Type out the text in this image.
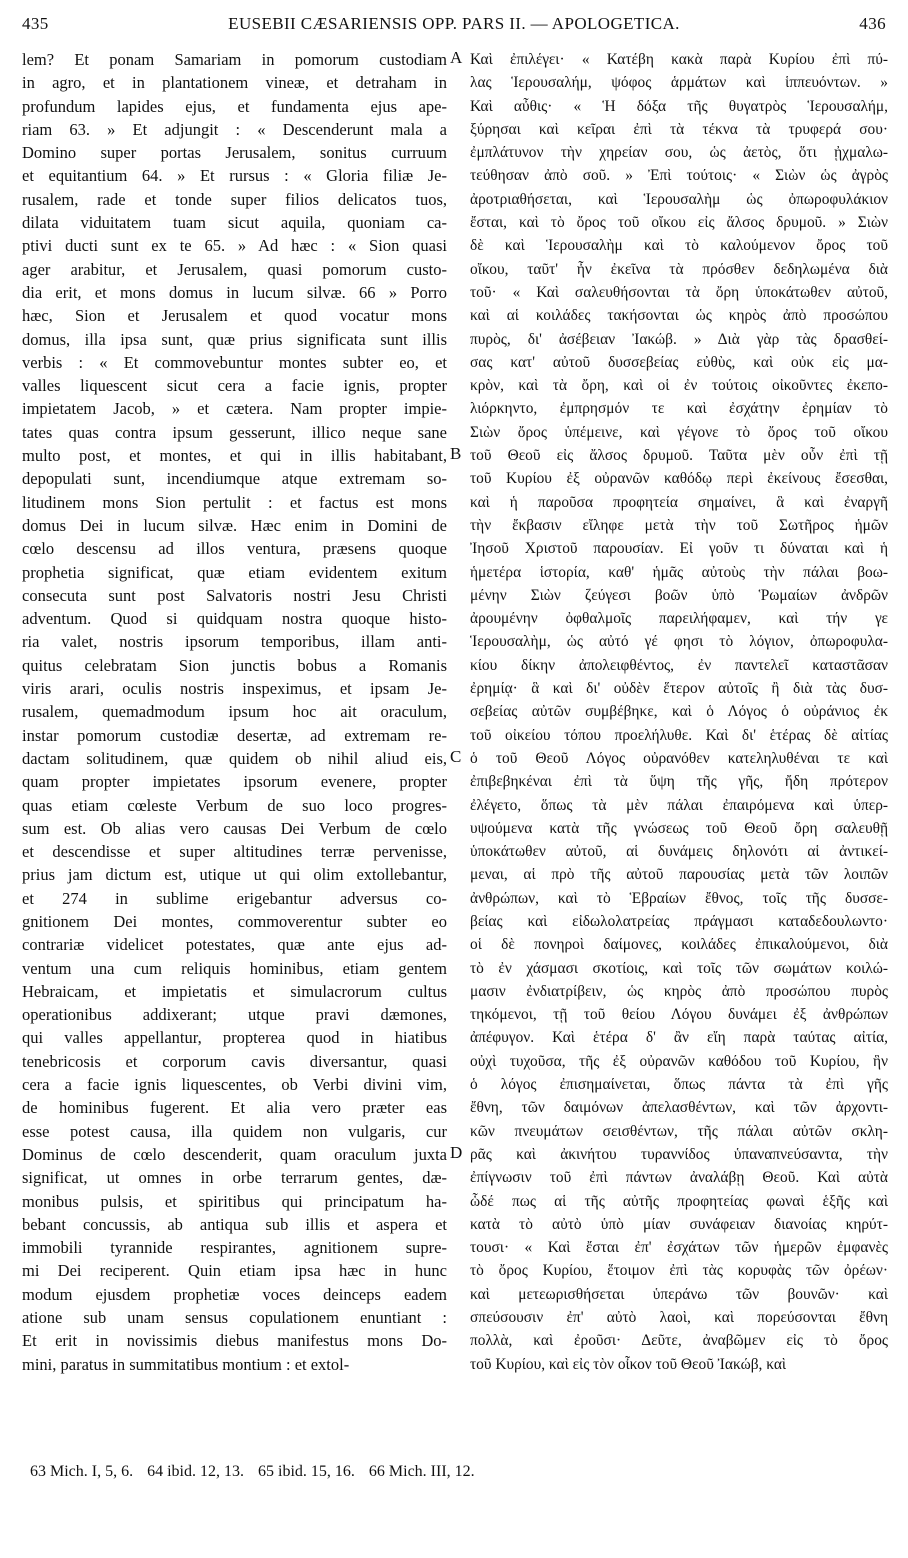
435	EUSEBII CÆSARIENSIS OPP. PARS II. — APOLOGETICA.	436
lem? Et ponam Samariam in pomorum custodiam
in agro, et in plantationem vineæ, et detraham in
profundum lapides ejus, et fundamenta ejus ape-
riam 63. » Et adjungit : « Descenderunt mala a
Domino super portas Jerusalem, sonitus curruum
et equitantium 64. » Et rursus : « Gloria filiæ Je-
rusalem, rade et tonde super filios delicatos tuos,
dilata viduitatem tuam sicut aquila, quoniam ca-
ptivi ducti sunt ex te 65. » Ad hæc : « Sion quasi
ager arabitur, et Jerusalem, quasi pomorum custo-
dia erit, et mons domus in lucum silvæ. 66 » Porro
hæc, Sion et Jerusalem et quod vocatur mons
domus, illa ipsa sunt, quæ prius significata sunt illis
verbis : « Et commovebuntur montes subter eo, et
valles liquescent sicut cera a facie ignis, propter
impietatem Jacob, » et cætera. Nam propter impie-
tates quas contra ipsum gesserunt, illico neque sane
multo post, et montes, et qui in illis habitabant,
depopulati sunt, incendiumque atque extremam so-
litudinem mons Sion pertulit : et factus est mons
domus Dei in lucum silvæ. Hæc enim in Domini de
cœlo descensu ad illos ventura, præsens quoque
prophetia significat, quæ etiam evidentem exitum
consecuta sunt post Salvatoris nostri Jesu Christi
adventum. Quod si quidquam nostra quoque histo-
ria valet, nostris ipsorum temporibus, illam anti-
quitus celebratam Sion junctis bobus a Romanis
viris arari, oculis nostris inspeximus, et ipsam Je-
rusalem, quemadmodum ipsum hoc ait oraculum,
instar pomorum custodiæ desertæ, ad extremam re-
dactam solitudinem, quæ quidem ob nihil aliud eis,
quam propter impietates ipsorum evenere, propter
quas etiam cœleste Verbum de suo loco progres-
sum est. Ob alias vero causas Dei Verbum de cœlo
et descendisse et super altitudines terræ pervenisse,
prius jam dictum est, utique ut qui olim extollebantur,
et 274 in sublime erigebantur adversus co-
gnitionem Dei montes, commoverentur subter eo
contrariæ videlicet potestates, quæ ante ejus ad-
ventum una cum reliquis hominibus, etiam gentem
Hebraicam, et impietatis et simulacrorum cultus
operationibus addixerant; utque pravi dæmones,
qui valles appellantur, propterea quod in hiatibus
tenebricosis et corporum cavis diversantur, quasi
cera a facie ignis liquescentes, ob Verbi divini vim,
de hominibus fugerent. Et alia vero præter eas
esse potest causa, illa quidem non vulgaris, cur
Dominus de cœlo descenderit, quam oraculum juxta
significat, ut omnes in orbe terrarum gentes, dæ-
monibus pulsis, et spiritibus qui principatum ha-
bebant concussis, ab antiqua sub illis et aspera et
immobili tyrannide respirantes, agnitionem supre-
mi Dei reciperent. Quin etiam ipsa hæc in hunc
modum ejusdem prophetiæ voces deinceps eadem
atione sub unam sensus copulationem enuntiant :
Et erit in novissimis diebus manifestus mons Do-
mini, paratus in summitatibus montium : et extol-
A
B
C
D
Καὶ ἐπιλέγει· « Κατέβη κακὰ παρὰ Κυρίου ἐπὶ πύ-
λας Ἱερουσαλήμ, ψόφος ἁρμάτων καὶ ἱππευόντων. »
Καὶ αὖθις· « Ἡ δόξα τῆς θυγατρὸς Ἱερουσαλήμ,
ξύρησαι καὶ κεῖραι ἐπὶ τὰ τέκνα τὰ τρυφερά σου·
ἐμπλάτυνον τὴν χηρείαν σου, ὡς ἀετὸς, ὅτι ᾐχμαλω-
τεύθησαν ἀπὸ σοῦ. » Ἐπὶ τούτοις· « Σιὼν ὡς ἀγρὸς
ἀροτριαθήσεται, καὶ Ἱερουσαλὴμ ὡς ὀπωροφυλάκιον
ἔσται, καὶ τὸ ὄρος τοῦ οἴκου εἰς ἄλσος δρυμοῦ. » Σιὼν
δὲ καὶ Ἱερουσαλὴμ καὶ τὸ καλούμενον ὄρος τοῦ
οἴκου, ταῦτ' ἦν ἐκεῖνα τὰ πρόσθεν δεδηλωμένα διὰ
τοῦ· « Καὶ σαλευθήσονται τὰ ὄρη ὑποκάτωθεν αὐτοῦ,
καὶ αἱ κοιλάδες τακήσονται ὡς κηρὸς ἀπὸ προσώπου
πυρὸς, δι' ἀσέβειαν Ἰακώβ. » Διὰ γὰρ τὰς δρασθεί-
σας κατ' αὐτοῦ δυσσεβείας εὐθὺς, καὶ οὐκ εἰς μα-
κρὸν, καὶ τὰ ὄρη, καὶ οἱ ἐν τούτοις οἰκοῦντες ἐκεπο-
λιόρκηντο, ἐμπρησμόν τε καὶ ἐσχάτην ἐρημίαν τὸ
Σιὼν ὄρος ὑπέμεινε, καὶ γέγονε τὸ ὄρος τοῦ οἴκου
τοῦ Θεοῦ εἰς ἄλσος δρυμοῦ. Ταῦτα μὲν οὖν ἐπὶ τῇ
τοῦ Κυρίου ἐξ οὐρανῶν καθόδῳ περὶ ἐκείνους ἔσεσθαι,
καὶ ἡ παροῦσα προφητεία σημαίνει, ἃ καὶ ἐναργῆ
τὴν ἔκβασιν εἴληφε μετὰ τὴν τοῦ Σωτῆρος ἡμῶν
Ἰησοῦ Χριστοῦ παρουσίαν. Εἰ γοῦν τι δύναται καὶ ἡ
ἡμετέρα ἱστορία, καθ' ἡμᾶς αὐτοὺς τὴν πάλαι βοω-
μένην Σιὼν ζεύγεσι βοῶν ὑπὸ Ῥωμαίων ἀνδρῶν
ἀρουμένην ὀφθαλμοῖς παρειλήφαμεν, καὶ τήν γε
Ἱερουσαλὴμ, ὡς αὐτό γέ φησι τὸ λόγιον, ὀπωροφυλα-
κίου δίκην ἀπολειφθέντος, ἐν παντελεῖ καταστᾶσαν
ἐρημίᾳ· ἃ καὶ δι' οὐδὲν ἕτερον αὐτοῖς ἢ διὰ τὰς δυσ-
σεβείας αὐτῶν συμβέβηκε, καὶ ὁ Λόγος ὁ οὐράνιος ἐκ
τοῦ οἰκείου τόπου προελήλυθε. Καὶ δι' ἑτέρας δὲ αἰτίας
ὁ τοῦ Θεοῦ Λόγος οὐρανόθεν κατεληλυθέναι τε καὶ
ἐπιβεβηκέναι ἐπὶ τὰ ὕψη τῆς γῆς, ἤδη πρότερον
ἐλέγετο, ὅπως τὰ μὲν πάλαι ἐπαιρόμενα καὶ ὑπερ-
υψούμενα κατὰ τῆς γνώσεως τοῦ Θεοῦ ὄρη σαλευθῇ
ὑποκάτωθεν αὐτοῦ, αἱ δυνάμεις δηλονότι αἱ ἀντικεί-
μεναι, αἱ πρὸ τῆς αὐτοῦ παρουσίας μετὰ τῶν λοιπῶν
ἀνθρώπων, καὶ τὸ Ἑβραίων ἔθνος, τοῖς τῆς δυσσε-
βείας καὶ εἰδωλολατρείας πράγμασι καταδεδουλωντο·
οἱ δὲ πονηροὶ δαίμονες, κοιλάδες ἐπικαλούμενοι, διὰ
τὸ ἐν χάσμασι σκοτίοις, καὶ τοῖς τῶν σωμάτων κοιλώ-
μασιν ἐνδιατρίβειν, ὡς κηρὸς ἀπὸ προσώπου πυρὸς
τηκόμενοι, τῇ τοῦ θείου Λόγου δυνάμει ἐξ ἀνθρώπων
ἀπέφυγον. Καὶ ἑτέρα δ' ἂν εἴη παρὰ ταύτας αἰτία,
οὐχὶ τυχοῦσα, τῆς ἐξ οὐρανῶν καθόδου τοῦ Κυρίου, ἣν
ὁ λόγος ἐπισημαίνεται, ὅπως πάντα τὰ ἐπὶ γῆς
ἔθνη, τῶν δαιμόνων ἀπελασθέντων, καὶ τῶν ἀρχοντι-
κῶν πνευμάτων σεισθέντων, τῆς πάλαι αὐτῶν σκλη-
ρᾶς καὶ ἀκινήτου τυραννίδος ὑπαναπνεύσαντα, τὴν
ἐπίγνωσιν τοῦ ἐπὶ πάντων ἀναλάβῃ Θεοῦ. Καὶ αὐτὰ
ὧδέ πως αἱ τῆς αὐτῆς προφητείας φωναὶ ἑξῆς καὶ
κατὰ τὸ αὐτὸ ὑπὸ μίαν συνάφειαν διανοίας κηρύτ-
τουσι· « Καὶ ἔσται ἐπ' ἐσχάτων τῶν ἡμερῶν ἐμφανὲς
τὸ ὄρος Κυρίου, ἕτοιμον ἐπὶ τὰς κορυφὰς τῶν ὀρέων·
καὶ μετεωρισθήσεται ὑπεράνω τῶν βουνῶν· καὶ
σπεύσουσιν ἐπ' αὐτὸ λαοὶ, καὶ πορεύσονται ἔθνη
πολλὰ, καὶ ἐροῦσι· Δεῦτε, ἀναβῶμεν εἰς τὸ ὄρος
τοῦ Κυρίου, καὶ εἰς τὸν οἶκον τοῦ Θεοῦ Ἰακώβ, καὶ
63 Mich. I, 5, 6. 64 ibid. 12, 13. 65 ibid. 15, 16. 66 Mich. III, 12.
